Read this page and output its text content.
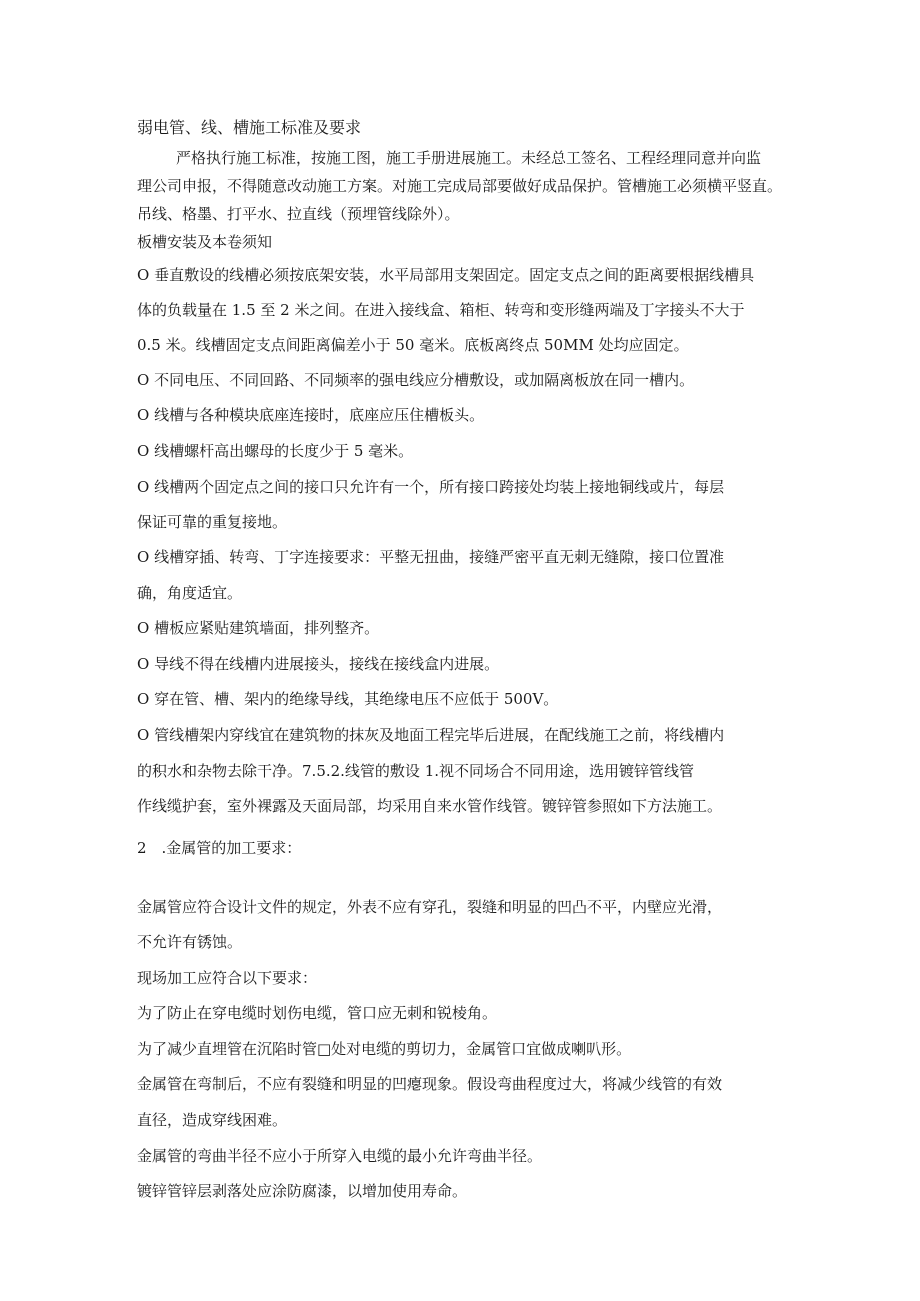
弱电管、线、槽施工标准及要求
严格执行施工标准，按施工图，施工手册进展施工。未经总工签名、工程经理同意并向监
理公司申报，不得随意改动施工方案。对施工完成局部要做好成品保护。管槽施工必须横平竖直。
吊线、格墨、打平水、拉直线（预埋管线除外）。
板槽安装及本卷须知
O 垂直敷设的线槽必须按底架安装，水平局部用支架固定。固定支点之间的距离要根据线槽具
体的负载量在 1.5 至 2 米之间。在进入接线盒、箱柜、转弯和变形缝两端及丁字接头不大于
0.5 米。线槽固定支点间距离偏差小于 50 毫米。底板离终点 50MM 处均应固定。
O 不同电压、不同回路、不同频率的强电线应分槽敷设，或加隔离板放在同一槽内。
O 线槽与各种模块底座连接时，底座应压住槽板头。
O 线槽螺杆高出螺母的长度少于 5 毫米。
O 线槽两个固定点之间的接口只允许有一个，所有接口跨接处均装上接地铜线或片，每层
保证可靠的重复接地。
O 线槽穿插、转弯、丁字连接要求：平整无扭曲，接缝严密平直无刺无缝隙，接口位置准
确，角度适宜。
O 槽板应紧贴建筑墙面，排列整齐。
O 导线不得在线槽内进展接头，接线在接线盒内进展。
O 穿在管、槽、架内的绝缘导线，其绝缘电压不应低于 500V。
O 管线槽架内穿线宜在建筑物的抹灰及地面工程完毕后进展，在配线施工之前，将线槽内
的积水和杂物去除干净。7.5.2.线管的敷设 1.视不同场合不同用途，选用镀锌管线管
作线缆护套，室外裸露及天面局部，均采用自来水管作线管。镀锌管参照如下方法施工。
2　.金属管的加工要求：
金属管应符合设计文件的规定，外表不应有穿孔，裂缝和明显的凹凸不平，内壁应光滑，
不允许有锈蚀。
现场加工应符合以下要求：
为了防止在穿电缆时划伤电缆，管口应无刺和锐棱角。
为了减少直埋管在沉陷时管□处对电缆的剪切力，金属管口宜做成喇叭形。
金属管在弯制后，不应有裂缝和明显的凹瘪现象。假设弯曲程度过大，将减少线管的有效
直径，造成穿线困难。
金属管的弯曲半径不应小于所穿入电缆的最小允许弯曲半径。
镀锌管锌层剥落处应涂防腐漆，以增加使用寿命。
